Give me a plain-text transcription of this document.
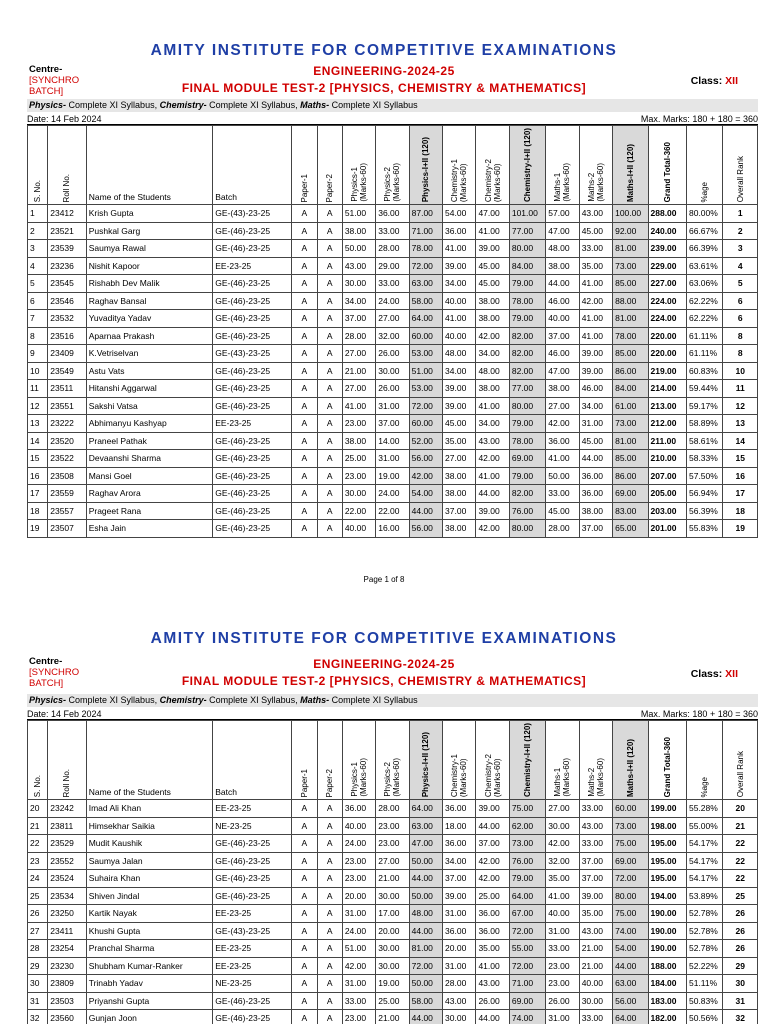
AMITY INSTITUTE FOR COMPETITIVE EXAMINATIONS
Centre-
[SYNCHRO
BATCH]
ENGINEERING-2024-25
FINAL MODULE TEST-2 [PHYSICS, CHEMISTRY & MATHEMATICS]	Class: XII
Physics- Complete XI Syllabus, Chemistry- Complete XI Syllabus, Maths- Complete XI Syllabus
Date: 14 Feb 2024	Max. Marks: 180 + 180 = 360
S. No.	Roll No.	Name of the Students	Batch	Paper-1	Paper-2	Physics-1
(Marks-60)	Physics-2
(Marks-60)	Physics-I+II (120)	Chemistry-1
(Marks-60)	Chemistry-2
(Marks-60)	Chemistry-I+II (120)	Maths-1
(Marks-60)	Maths-2
(Marks-60)	Maths-I+II (120)	Grand Total-360	%age	Overall Rank
1	23412	Krish Gupta	GE-(43)-23-25	A	A	51.00	36.00	87.00	54.00	47.00	101.00	57.00	43.00	100.00	288.00	80.00%	1
2	23521	Pushkal Garg	GE-(46)-23-25	A	A	38.00	33.00	71.00	36.00	41.00	77.00	47.00	45.00	92.00	240.00	66.67%	2
3	23539	Saumya Rawal	GE-(46)-23-25	A	A	50.00	28.00	78.00	41.00	39.00	80.00	48.00	33.00	81.00	239.00	66.39%	3
4	23236	Nishit Kapoor	EE-23-25	A	A	43.00	29.00	72.00	39.00	45.00	84.00	38.00	35.00	73.00	229.00	63.61%	4
5	23545	Rishabh Dev Malik	GE-(46)-23-25	A	A	30.00	33.00	63.00	34.00	45.00	79.00	44.00	41.00	85.00	227.00	63.06%	5
6	23546	Raghav Bansal	GE-(46)-23-25	A	A	34.00	24.00	58.00	40.00	38.00	78.00	46.00	42.00	88.00	224.00	62.22%	6
7	23532	Yuvaditya Yadav	GE-(46)-23-25	A	A	37.00	27.00	64.00	41.00	38.00	79.00	40.00	41.00	81.00	224.00	62.22%	6
8	23516	Aparnaa Prakash	GE-(46)-23-25	A	A	28.00	32.00	60.00	40.00	42.00	82.00	37.00	41.00	78.00	220.00	61.11%	8
9	23409	K.Vetriselvan	GE-(43)-23-25	A	A	27.00	26.00	53.00	48.00	34.00	82.00	46.00	39.00	85.00	220.00	61.11%	8
10	23549	Astu Vats	GE-(46)-23-25	A	A	21.00	30.00	51.00	34.00	48.00	82.00	47.00	39.00	86.00	219.00	60.83%	10
11	23511	Hitanshi Aggarwal	GE-(46)-23-25	A	A	27.00	26.00	53.00	39.00	38.00	77.00	38.00	46.00	84.00	214.00	59.44%	11
12	23551	Sakshi Vatsa	GE-(46)-23-25	A	A	41.00	31.00	72.00	39.00	41.00	80.00	27.00	34.00	61.00	213.00	59.17%	12
13	23222	Abhimanyu Kashyap	EE-23-25	A	A	23.00	37.00	60.00	45.00	34.00	79.00	42.00	31.00	73.00	212.00	58.89%	13
14	23520	Praneel Pathak	GE-(46)-23-25	A	A	38.00	14.00	52.00	35.00	43.00	78.00	36.00	45.00	81.00	211.00	58.61%	14
15	23522	Devaanshi Sharma	GE-(46)-23-25	A	A	25.00	31.00	56.00	27.00	42.00	69.00	41.00	44.00	85.00	210.00	58.33%	15
16	23508	Mansi Goel	GE-(46)-23-25	A	A	23.00	19.00	42.00	38.00	41.00	79.00	50.00	36.00	86.00	207.00	57.50%	16
17	23559	Raghav Arora	GE-(46)-23-25	A	A	30.00	24.00	54.00	38.00	44.00	82.00	33.00	36.00	69.00	205.00	56.94%	17
18	23557	Prageet Rana	GE-(46)-23-25	A	A	22.00	22.00	44.00	37.00	39.00	76.00	45.00	38.00	83.00	203.00	56.39%	18
19	23507	Esha Jain	GE-(46)-23-25	A	A	40.00	16.00	56.00	38.00	42.00	80.00	28.00	37.00	65.00	201.00	55.83%	19
Page 1 of 8
AMITY INSTITUTE FOR COMPETITIVE EXAMINATIONS
Centre-
[SYNCHRO
BATCH]
ENGINEERING-2024-25
FINAL MODULE TEST-2 [PHYSICS, CHEMISTRY & MATHEMATICS]	Class: XII
Physics- Complete XI Syllabus, Chemistry- Complete XI Syllabus, Maths- Complete XI Syllabus
Date: 14 Feb 2024	Max. Marks: 180 + 180 = 360
S. No.	Roll No.	Name of the Students	Batch	Paper-1	Paper-2	Physics-1
(Marks-60)	Physics-2
(Marks-60)	Physics-I+II (120)	Chemistry-1
(Marks-60)	Chemistry-2
(Marks-60)	Chemistry-I+II (120)	Maths-1
(Marks-60)	Maths-2
(Marks-60)	Maths-I+II (120)	Grand Total-360	%age	Overall Rank
20	23242	Imad Ali Khan	EE-23-25	A	A	36.00	28.00	64.00	36.00	39.00	75.00	27.00	33.00	60.00	199.00	55.28%	20
21	23811	Himsekhar Saikia	NE-23-25	A	A	40.00	23.00	63.00	18.00	44.00	62.00	30.00	43.00	73.00	198.00	55.00%	21
22	23529	Mudit Kaushik	GE-(46)-23-25	A	A	24.00	23.00	47.00	36.00	37.00	73.00	42.00	33.00	75.00	195.00	54.17%	22
23	23552	Saumya Jalan	GE-(46)-23-25	A	A	23.00	27.00	50.00	34.00	42.00	76.00	32.00	37.00	69.00	195.00	54.17%	22
24	23524	Suhaira Khan	GE-(46)-23-25	A	A	23.00	21.00	44.00	37.00	42.00	79.00	35.00	37.00	72.00	195.00	54.17%	22
25	23534	Shiven Jindal	GE-(46)-23-25	A	A	20.00	30.00	50.00	39.00	25.00	64.00	41.00	39.00	80.00	194.00	53.89%	25
26	23250	Kartik Nayak	EE-23-25	A	A	31.00	17.00	48.00	31.00	36.00	67.00	40.00	35.00	75.00	190.00	52.78%	26
27	23411	Khushi Gupta	GE-(43)-23-25	A	A	24.00	20.00	44.00	36.00	36.00	72.00	31.00	43.00	74.00	190.00	52.78%	26
28	23254	Pranchal Sharma	EE-23-25	A	A	51.00	30.00	81.00	20.00	35.00	55.00	33.00	21.00	54.00	190.00	52.78%	26
29	23230	Shubham Kumar-Ranker	EE-23-25	A	A	42.00	30.00	72.00	31.00	41.00	72.00	23.00	21.00	44.00	188.00	52.22%	29
30	23809	Trinabh Yadav	NE-23-25	A	A	31.00	19.00	50.00	28.00	43.00	71.00	23.00	40.00	63.00	184.00	51.11%	30
31	23503	Priyanshi Gupta	GE-(46)-23-25	A	A	33.00	25.00	58.00	43.00	26.00	69.00	26.00	30.00	56.00	183.00	50.83%	31
32	23560	Gunjan Joon	GE-(46)-23-25	A	A	23.00	21.00	44.00	30.00	44.00	74.00	31.00	33.00	64.00	182.00	50.56%	32
